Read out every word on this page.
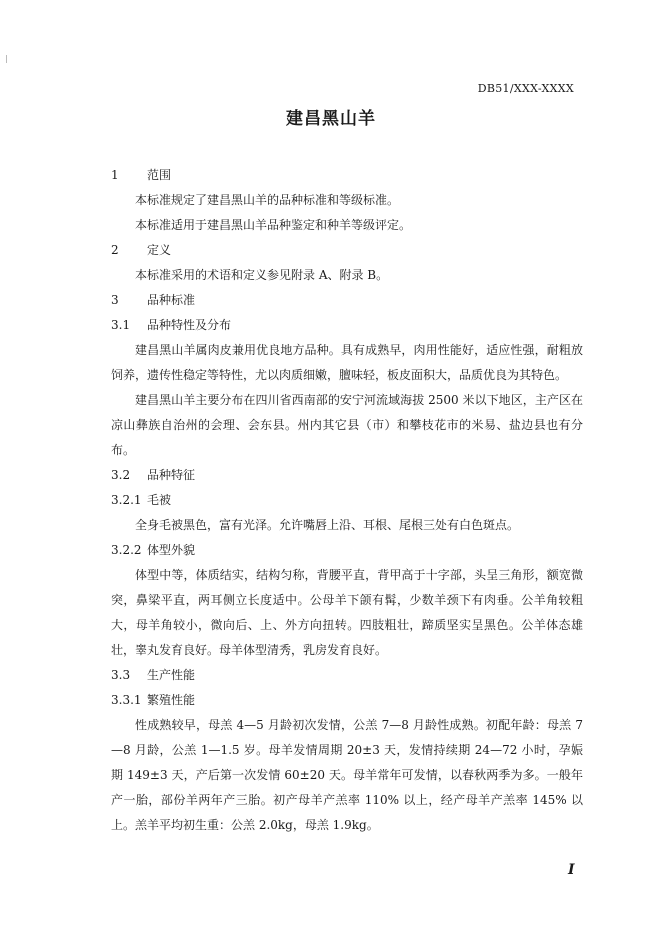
DB51/XXX-XXXX
建昌黑山羊
1 范围
本标准规定了建昌黑山羊的品种标准和等级标准。
本标准适用于建昌黑山羊品种鉴定和种羊等级评定。
2 定义
本标准采用的术语和定义参见附录 A、附录 B。
3 品种标准
3.1 品种特性及分布
建昌黑山羊属肉皮兼用优良地方品种。具有成熟早，肉用性能好，适应性强，耐粗放饲养，遗传性稳定等特性，尤以肉质细嫩，膻味轻，板皮面积大，品质优良为其特色。
建昌黑山羊主要分布在四川省西南部的安宁河流域海拔 2500 米以下地区，主产区在凉山彝族自治州的会理、会东县。州内其它县（市）和攀枝花市的米易、盐边县也有分布。
3.2 品种特征
3.2.1 毛被
全身毛被黑色，富有光泽。允许嘴唇上沿、耳根、尾根三处有白色斑点。
3.2.2 体型外貌
体型中等，体质结实，结构匀称，背腰平直，背甲高于十字部，头呈三角形，额宽微突，鼻梁平直，两耳侧立长度适中。公母羊下颌有髯，少数羊颈下有肉垂。公羊角较粗大，母羊角较小，微向后、上、外方向扭转。四肢粗壮，蹄质坚实呈黑色。公羊体态雄壮，睾丸发育良好。母羊体型清秀，乳房发育良好。
3.3 生产性能
3.3.1 繁殖性能
性成熟较早，母羔 4—5 月龄初次发情，公羔 7—8 月龄性成熟。初配年龄：母羔 7—8 月龄，公羔 1—1.5 岁。母羊发情周期 20±3 天，发情持续期 24—72 小时，孕娠期 149±3 天，产后第一次发情 60±20 天。母羊常年可发情，以春秋两季为多。一般年产一胎，部份羊两年产三胎。初产母羊产羔率 110% 以上，经产母羊产羔率 145% 以上。羔羊平均初生重：公羔 2.0kg，母羔 1.9kg。
I
